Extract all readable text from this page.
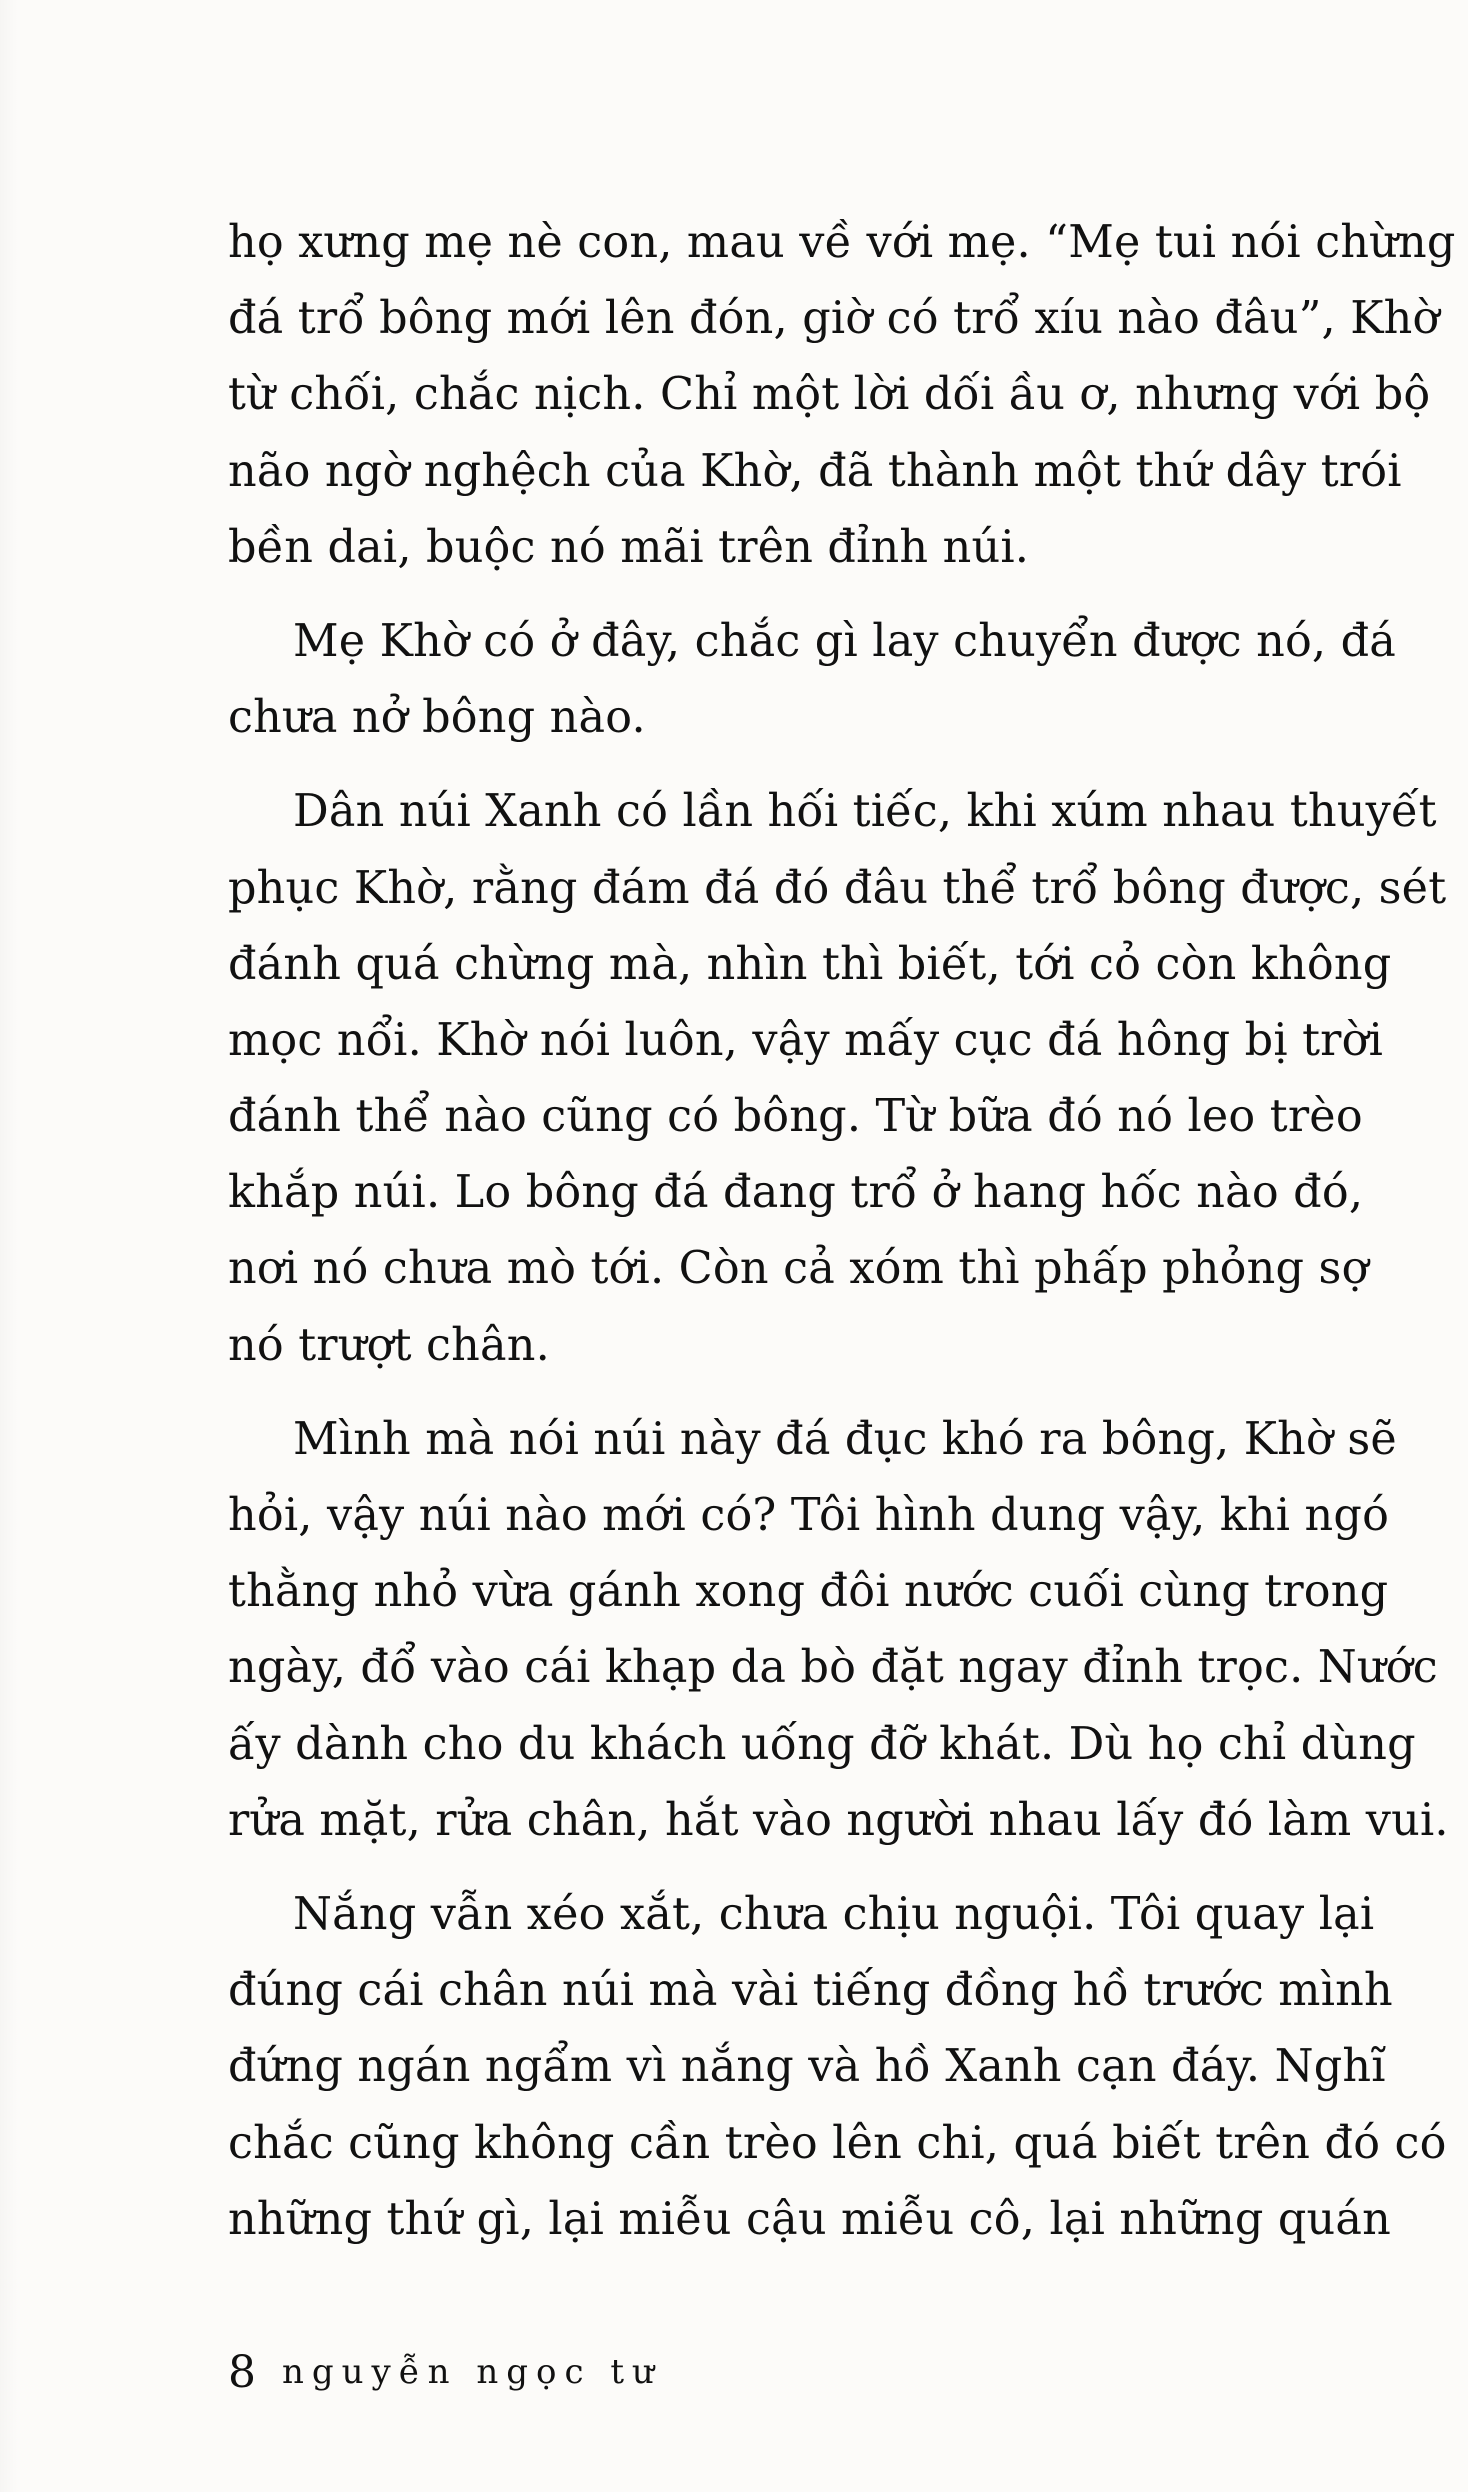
họ xưng mẹ nè con, mau về với mẹ. “Mẹ tui nói chừng
đá trổ bông mới lên đón, giờ có trổ xíu nào đâu”, Khờ
từ chối, chắc nịch. Chỉ một lời dối ầu ơ, nhưng với bộ
não ngờ nghệch của Khờ, đã thành một thứ dây trói
bền dai, buộc nó mãi trên đỉnh núi.
Mẹ Khờ có ở đây, chắc gì lay chuyển được nó, đá
chưa nở bông nào.
Dân núi Xanh có lần hối tiếc, khi xúm nhau thuyết
phục Khờ, rằng đám đá đó đâu thể trổ bông được, sét
đánh quá chừng mà, nhìn thì biết, tới cỏ còn không
mọc nổi. Khờ nói luôn, vậy mấy cục đá hông bị trời
đánh thể nào cũng có bông. Từ bữa đó nó leo trèo
khắp núi. Lo bông đá đang trổ ở hang hốc nào đó,
nơi nó chưa mò tới. Còn cả xóm thì phấp phỏng sợ
nó trượt chân.
Mình mà nói núi này đá đục khó ra bông, Khờ sẽ
hỏi, vậy núi nào mới có? Tôi hình dung vậy, khi ngó
thằng nhỏ vừa gánh xong đôi nước cuối cùng trong
ngày, đổ vào cái khạp da bò đặt ngay đỉnh trọc. Nước
ấy dành cho du khách uống đỡ khát. Dù họ chỉ dùng
rửa mặt, rửa chân, hắt vào người nhau lấy đó làm vui.
Nắng vẫn xéo xắt, chưa chịu nguội. Tôi quay lại
đúng cái chân núi mà vài tiếng đồng hồ trước mình
đứng ngán ngẩm vì nắng và hồ Xanh cạn đáy. Nghĩ
chắc cũng không cần trèo lên chi, quá biết trên đó có
những thứ gì, lại miễu cậu miễu cô, lại những quán
8 nguyễn ngọc tư
